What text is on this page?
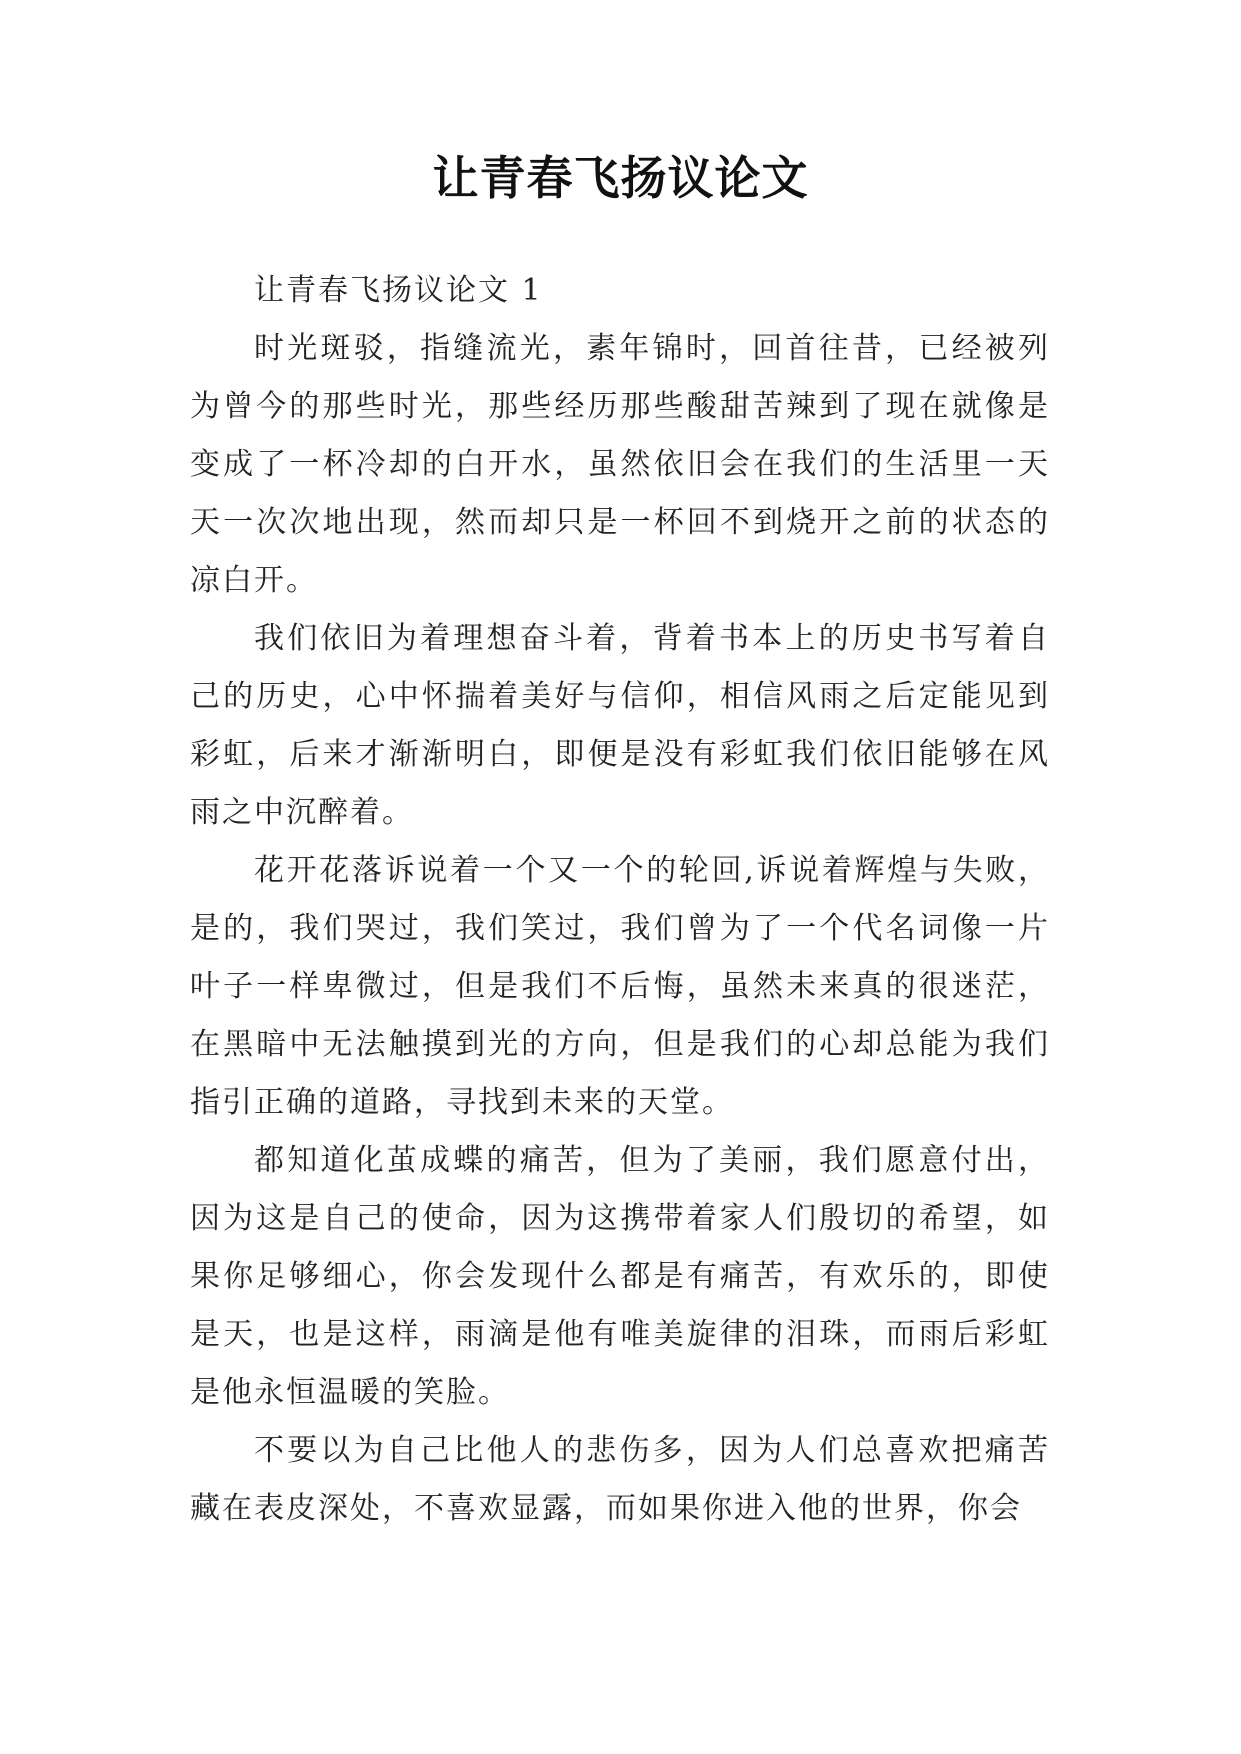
让青春飞扬议论文
让青春飞扬议论文 1

时光斑驳，指缝流光，素年锦时，回首往昔，已经被列为曾今的那些时光，那些经历那些酸甜苦辣到了现在就像是变成了一杯冷却的白开水，虽然依旧会在我们的生活里一天天一次次地出现，然而却只是一杯回不到烧开之前的状态的凉白开。

我们依旧为着理想奋斗着，背着书本上的历史书写着自己的历史，心中怀揣着美好与信仰，相信风雨之后定能见到彩虹，后来才渐渐明白，即便是没有彩虹我们依旧能够在风雨之中沉醉着。

花开花落诉说着一个又一个的轮回,诉说着辉煌与失败，是的，我们哭过，我们笑过，我们曾为了一个代名词像一片叶子一样卑微过，但是我们不后悔，虽然未来真的很迷茫，在黑暗中无法触摸到光的方向，但是我们的心却总能为我们指引正确的道路，寻找到未来的天堂。

都知道化茧成蝶的痛苦，但为了美丽，我们愿意付出，因为这是自己的使命，因为这携带着家人们殷切的希望，如果你足够细心，你会发现什么都是有痛苦，有欢乐的，即使是天，也是这样，雨滴是他有唯美旋律的泪珠，而雨后彩虹是他永恒温暖的笑脸。

不要以为自己比他人的悲伤多，因为人们总喜欢把痛苦藏在表皮深处，不喜欢显露，而如果你进入他的世界，你会
